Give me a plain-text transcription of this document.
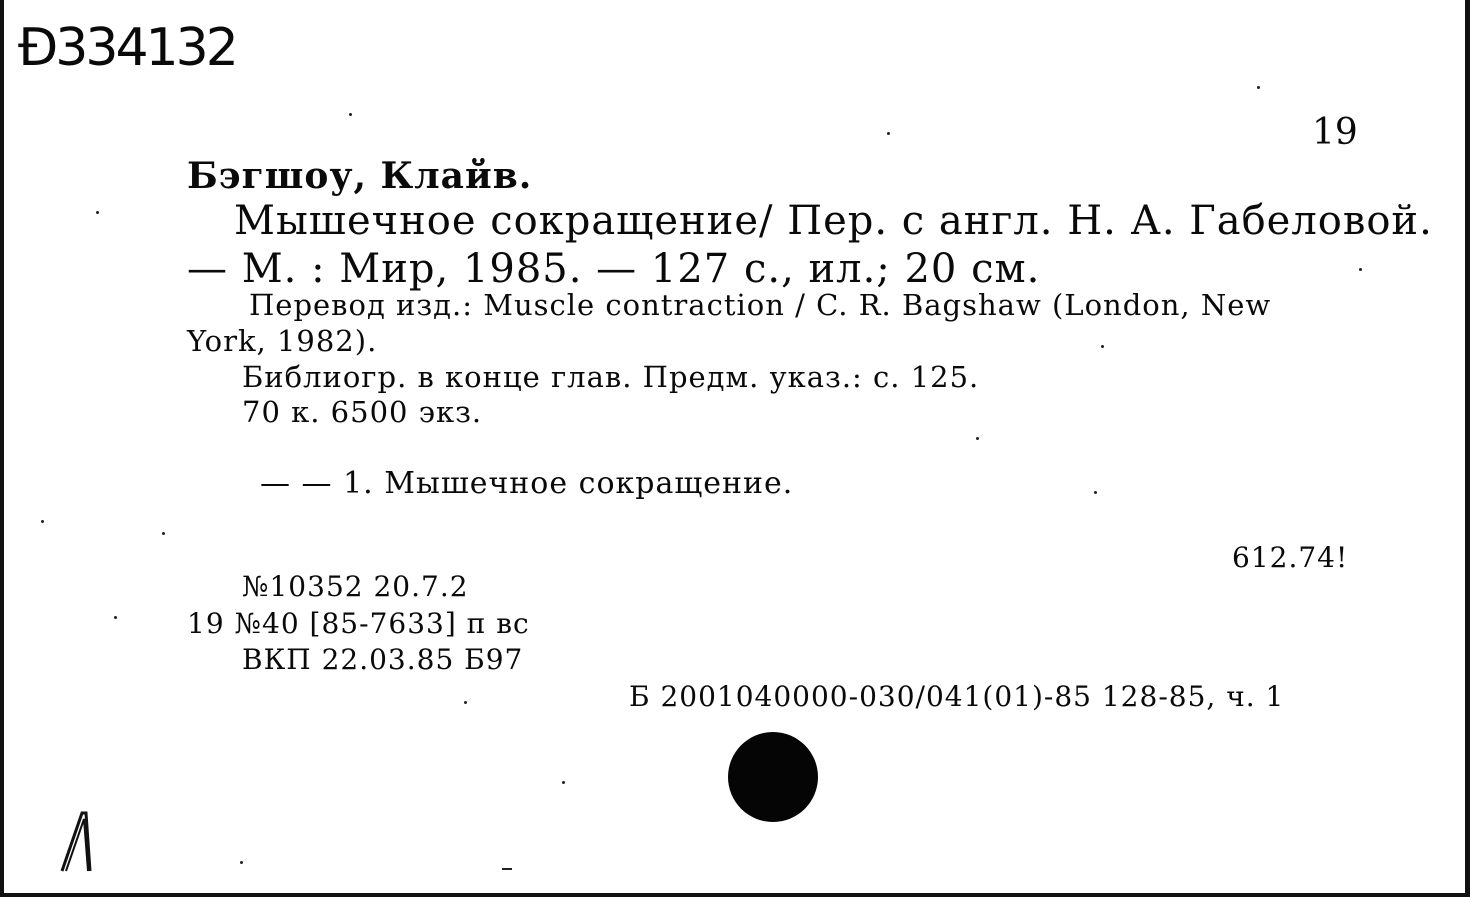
Ð334132
19
Бэгшоу, Клайв.
Мышечное сокращение/ Пер. с англ. Н. А. Габеловой.
— М. : Мир, 1985. — 127 с., ил.; 20 см.
Перевод изд.: Muscle contraction / C. R. Bagshaw (London, New
York, 1982).
Библиогр. в конце глав. Предм. указ.: с. 125.
70 к. 6500 экз.
— — 1. Мышечное сокращение.
612.74!
№10352 20.7.2
19 №40 [85-7633] п вс
ВКП 22.03.85 Б97
Б 2001040000-030/041(01)-85 128-85, ч. 1
